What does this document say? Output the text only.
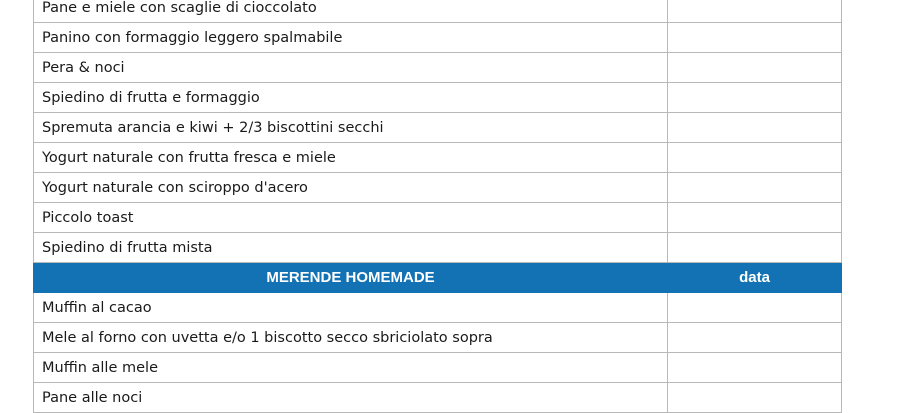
Pane e miele con scaglie di cioccolato	
Panino con formaggio leggero spalmabile	
Pera & noci	
Spiedino di frutta e formaggio	
Spremuta arancia e kiwi + 2/3 biscottini secchi	
Yogurt naturale con frutta fresca e miele	
Yogurt naturale con sciroppo d'acero	
Piccolo toast	
Spiedino di frutta mista	
MERENDE HOMEMADE	data
Muffin al cacao	
Mele al forno con uvetta e/o 1 biscotto secco sbriciolato sopra	
Muffin alle mele	
Pane alle noci	
